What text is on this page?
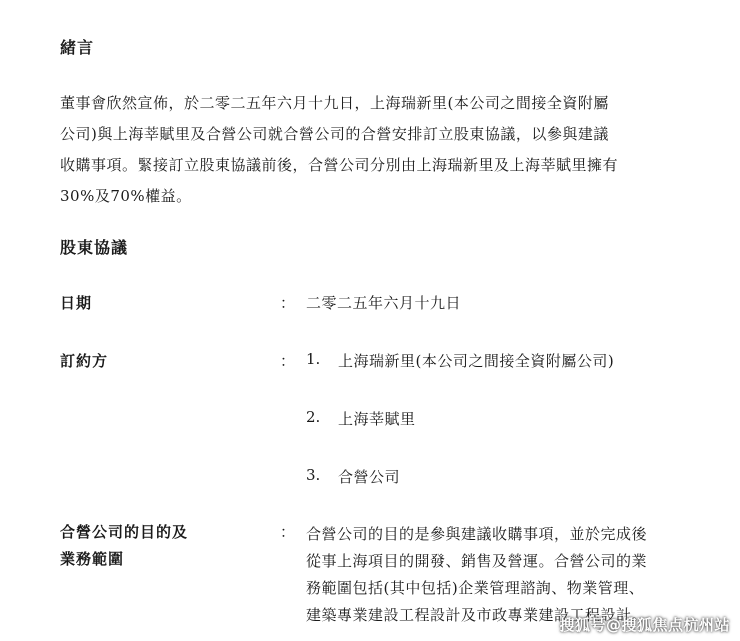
緒言
董事會欣然宣佈，於二零二五年六月十九日，上海瑞新里(本公司之間接全資附屬
公司)與上海莘賦里及合營公司就合營公司的合營安排訂立股東協議，以參與建議
收購事項。緊接訂立股東協議前後，合營公司分別由上海瑞新里及上海莘賦里擁有
30%及70%權益。
股東協議
日期	： 二零二五年六月十九日
訂約方	： 1. 上海瑞新里(本公司之間接全資附屬公司)
2. 上海莘賦里
3. 合營公司
合營公司的目的及
業務範圍
： 合營公司的目的是參與建議收購事項，並於完成後
從事上海項目的開發、銷售及營運。合營公司的業
務範圍包括(其中包括)企業管理諮詢、物業管理、
建築專業建設工程設計及市政專業建設工程設計。
搜狐号@搜狐焦点杭州站
